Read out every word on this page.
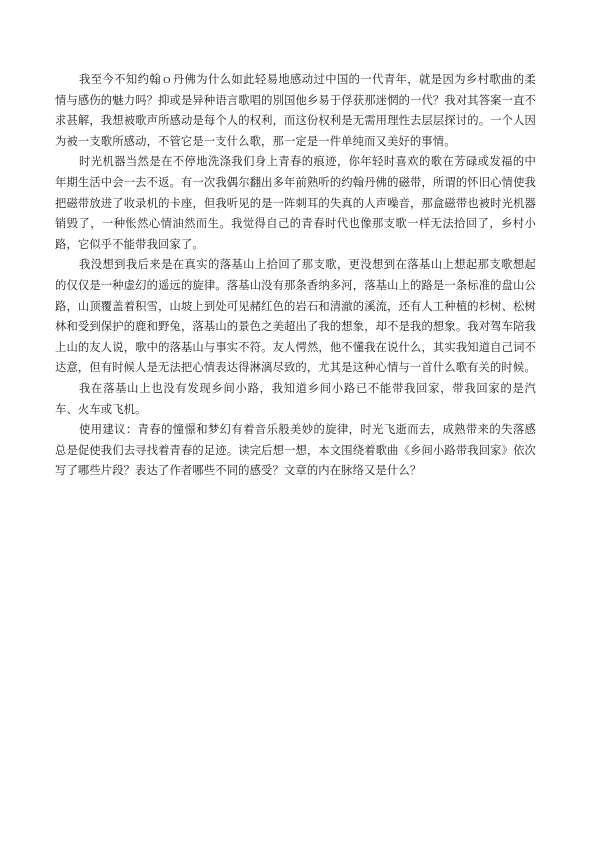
我至今不知约翰ｏ丹佛为什么如此轻易地感动过中国的一代青年，就是因为乡村歌曲的柔情与感伤的魅力吗？抑或是异种语言歌唱的別国他乡易于俘获那迷惘的一代？我对其答案一直不求甚解，我想被歌声所感动是每个人的权利，而这份权利是无需用理性去层层探讨的。一个人因为被一支歌所感动，不管它是一支什么歌，那一定是一件单纯而又美好的事情。

时光机器当然是在不停地洗涤我们身上青春的痕迹，你年轻时喜欢的歌在芳碌或发福的中年期生活中会一去不返。有一次我偶尔翻出多年前熟听的约翰丹佛的磁带，所谓的怀旧心情使我把磁带放进了收录机的卡座，但我听见的是一阵刺耳的失真的人声噪音，那盒磁带也被时光机器销毁了，一种怅然心情油然而生。我觉得自己的青春时代也像那支歌一样无法拾回了，乡村小路，它似乎不能带我回家了。

我没想到我后来是在真实的落基山上拾回了那支歌，更没想到在落基山上想起那支歌想起的仅仅是一种虚幻的遥远的旋律。落基山没有那条香纳多河，落基山上的路是一条标准的盘山公路，山顶覆盖着积雪，山坡上到处可见赭红色的岩石和清澈的溪流，还有人工种植的杉树、松树林和受到保护的鹿和野兔，落基山的景色之美超出了我的想象，却不是我的想象。我对驾车陪我上山的友人说，歌中的落基山与事实不符。友人愕然，他不懂我在说什么，其实我知道自己词不达意，但有时候人是无法把心情表达得淋漓尽致的，尤其是这种心情与一首什么歌有关的时候。

我在落基山上也没有发现乡间小路，我知道乡间小路已不能带我回家，带我回家的是汽车、火车或飞机。

使用建议：青春的憧憬和梦幻有着音乐般美妙的旋律，时光飞逝而去，成熟带来的失落感总是促使我们去寻找着青春的足迹。读完后想一想，本文围绕着歌曲《乡间小路带我回家》依次写了哪些片段？表达了作者哪些不同的感受？文章的内在脉络又是什么？
